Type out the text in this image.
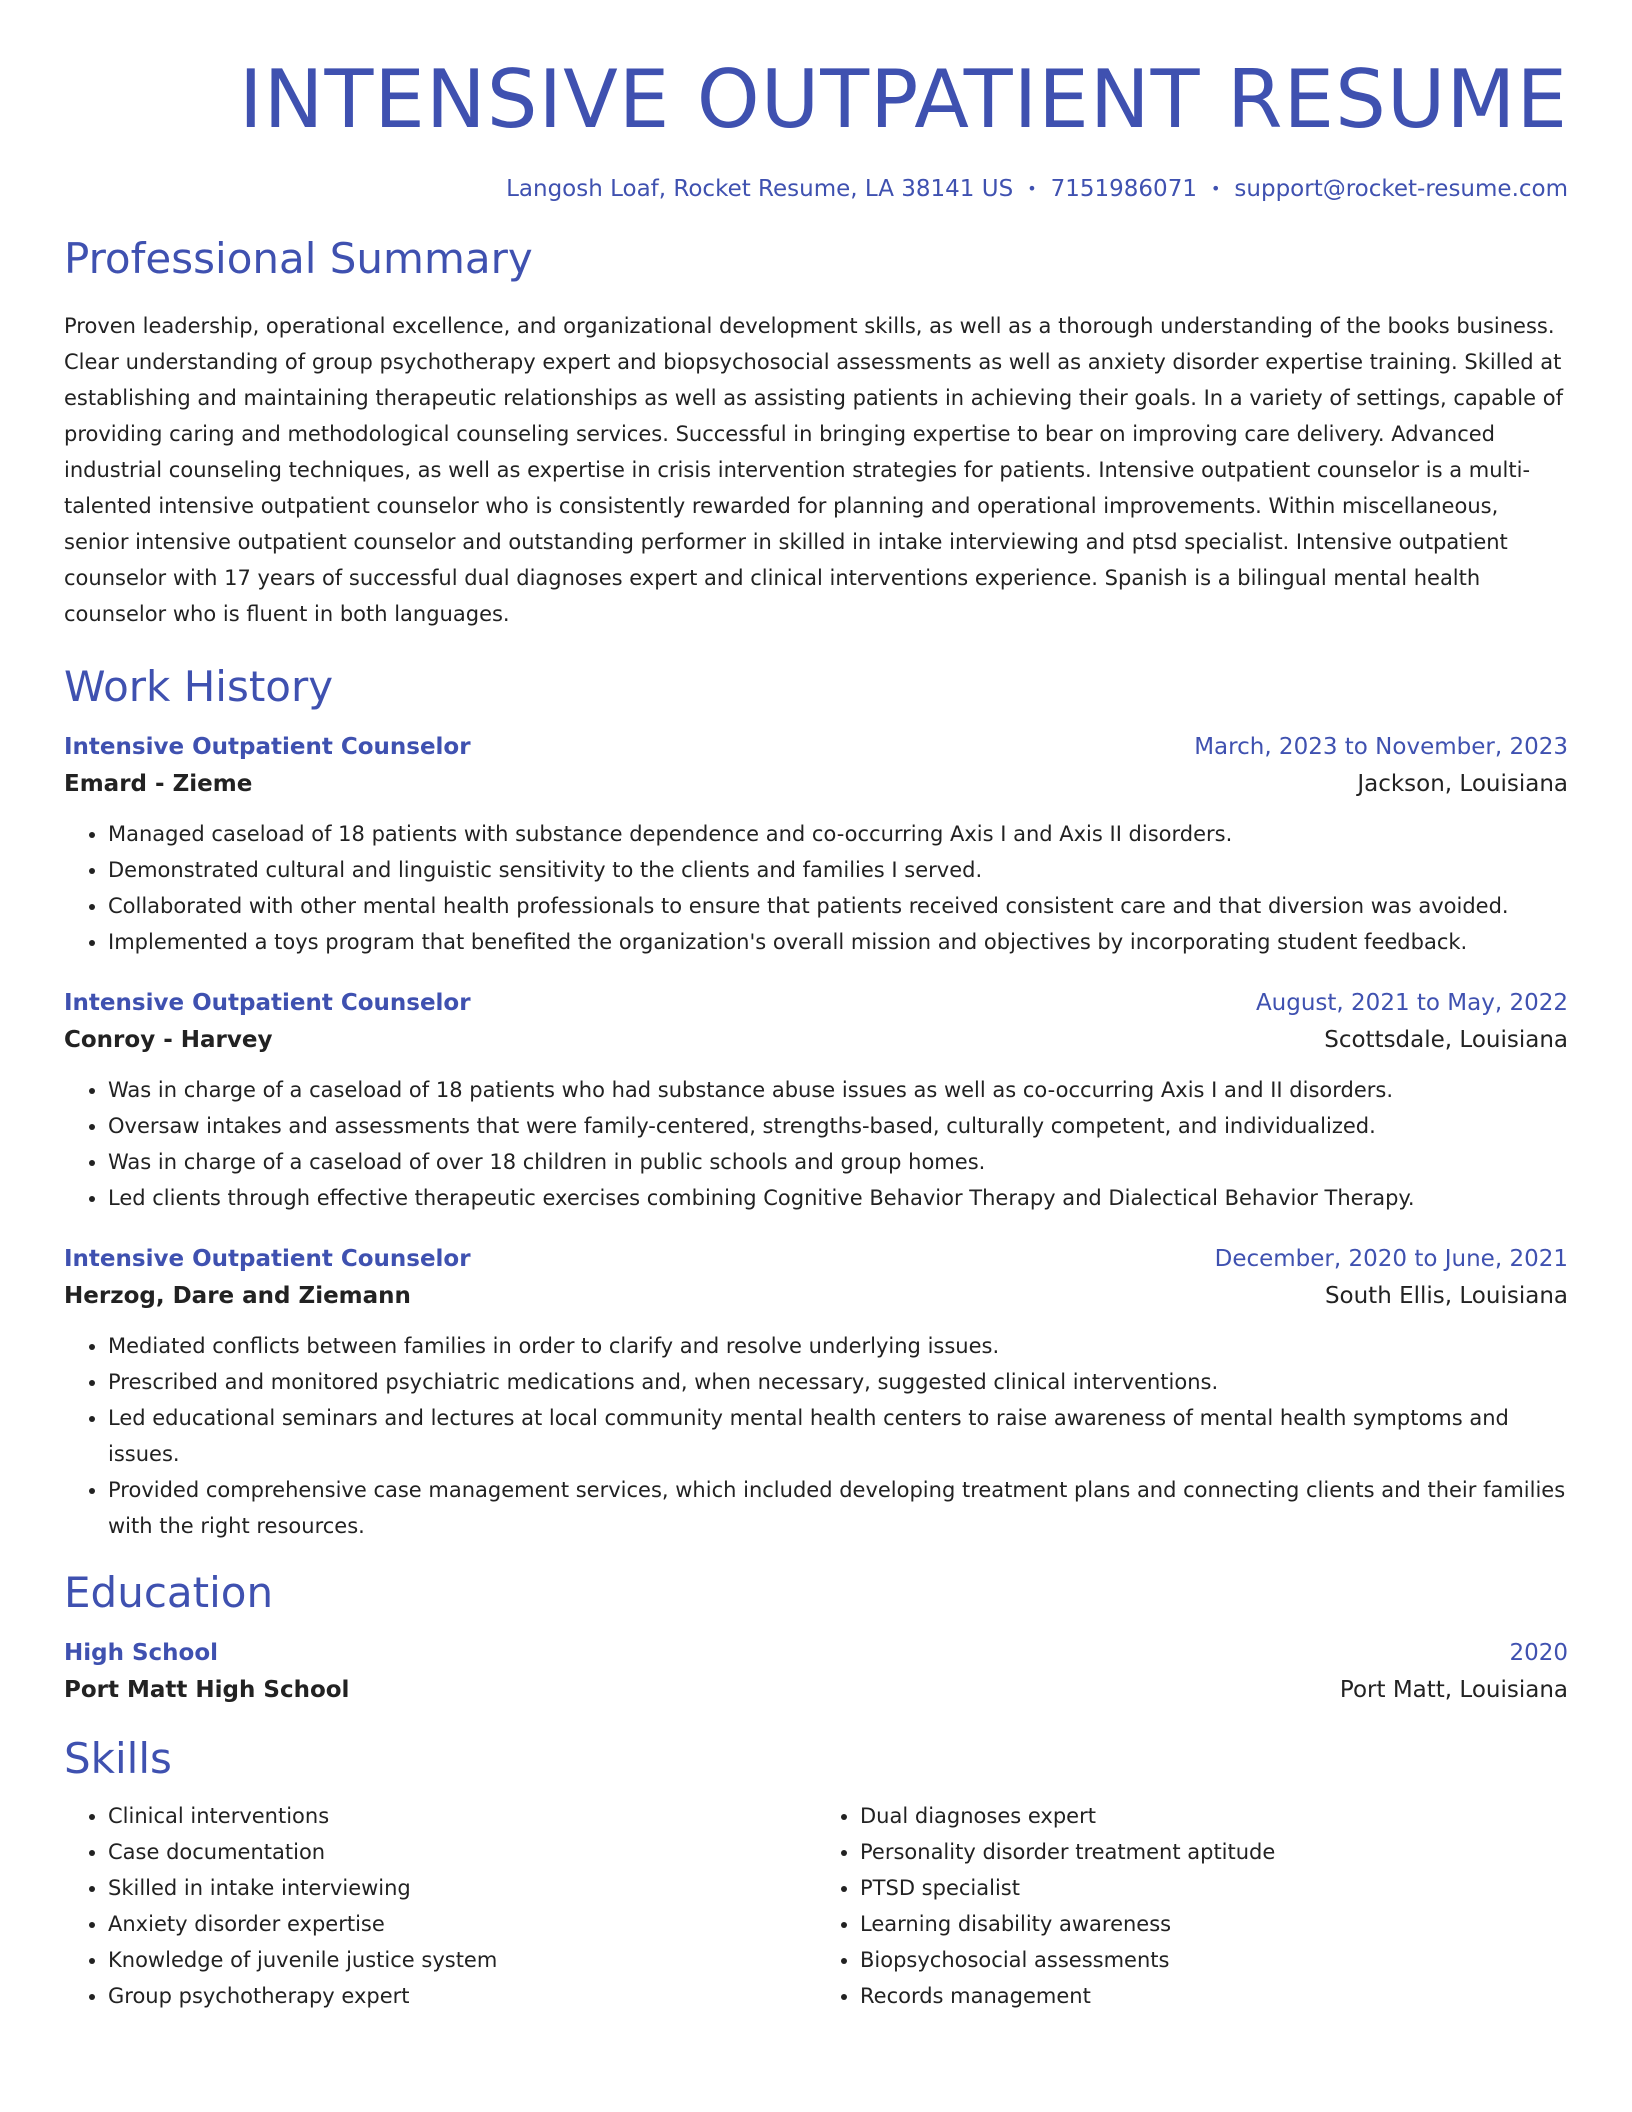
INTENSIVE OUTPATIENT RESUME
Langosh Loaf, Rocket Resume, LA 38141 US • 7151986071 • support@rocket-resume.com
Professional Summary

Proven leadership, operational excellence, and organizational development skills, as well as a thorough understanding of the books business. Clear understanding of group psychotherapy expert and biopsychosocial assessments as well as anxiety disorder expertise training. Skilled at establishing and maintaining therapeutic relationships as well as assisting patients in achieving their goals. In a variety of settings, capable of providing caring and methodological counseling services. Successful in bringing expertise to bear on improving care delivery. Advanced industrial counseling techniques, as well as expertise in crisis intervention strategies for patients. Intensive outpatient counselor is a multi-talented intensive outpatient counselor who is consistently rewarded for planning and operational improvements. Within miscellaneous, senior intensive outpatient counselor and outstanding performer in skilled in intake interviewing and ptsd specialist. Intensive outpatient counselor with 17 years of successful dual diagnoses expert and clinical interventions experience. Spanish is a bilingual mental health counselor who is fluent in both languages.

Work History
Intensive Outpatient Counselor	March, 2023 to November, 2023
Emard - Zieme	Jackson, Louisiana
• Managed caseload of 18 patients with substance dependence and co-occurring Axis I and Axis II disorders.
• Demonstrated cultural and linguistic sensitivity to the clients and families I served.
• Collaborated with other mental health professionals to ensure that patients received consistent care and that diversion was avoided.
• Implemented a toys program that benefited the organization's overall mission and objectives by incorporating student feedback.
Intensive Outpatient Counselor	August, 2021 to May, 2022
Conroy - Harvey	Scottsdale, Louisiana
• Was in charge of a caseload of 18 patients who had substance abuse issues as well as co-occurring Axis I and II disorders.
• Oversaw intakes and assessments that were family-centered, strengths-based, culturally competent, and individualized.
• Was in charge of a caseload of over 18 children in public schools and group homes.
• Led clients through effective therapeutic exercises combining Cognitive Behavior Therapy and Dialectical Behavior Therapy.
Intensive Outpatient Counselor	December, 2020 to June, 2021
Herzog, Dare and Ziemann	South Ellis, Louisiana
• Mediated conflicts between families in order to clarify and resolve underlying issues.
• Prescribed and monitored psychiatric medications and, when necessary, suggested clinical interventions.
• Led educational seminars and lectures at local community mental health centers to raise awareness of mental health symptoms and issues.
• Provided comprehensive case management services, which included developing treatment plans and connecting clients and their families with the right resources.
Education
High School	2020
Port Matt High School	Port Matt, Louisiana
Skills
• Clinical interventions
• Case documentation
• Skilled in intake interviewing
• Anxiety disorder expertise
• Knowledge of juvenile justice system
• Group psychotherapy expert
• Dual diagnoses expert
• Personality disorder treatment aptitude
• PTSD specialist
• Learning disability awareness
• Biopsychosocial assessments
• Records management
